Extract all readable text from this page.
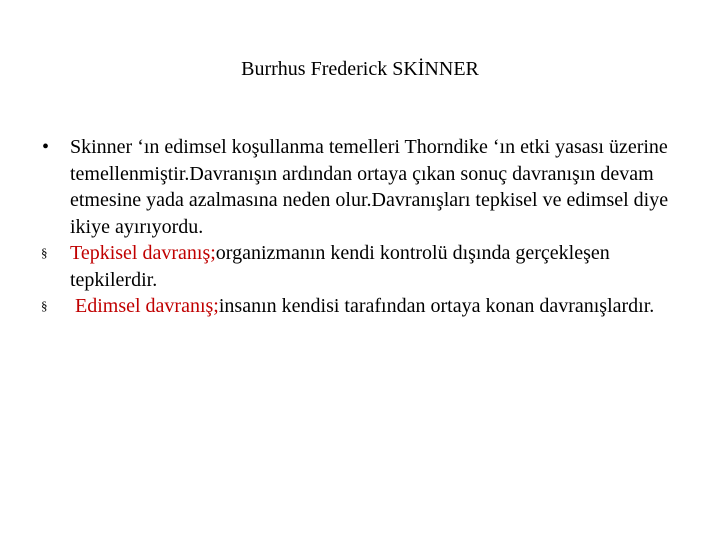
Burrhus Frederick SKİNNER
•	Skinner ‘ın edimsel koşullanma temelleri Thorndike ‘ın etki yasası üzerine temellenmiştir.Davranışın ardından ortaya çıkan sonuç davranışın devam etmesine yada azalmasına neden olur.Davranışları tepkisel ve edimsel diye ikiye ayırıyordu.
§	Tepkisel davranış;organizmanın kendi kontrolü dışında gerçekleşen tepkilerdir.
§	Edimsel davranış;insanın kendisi tarafından ortaya konan davranışlardır.
